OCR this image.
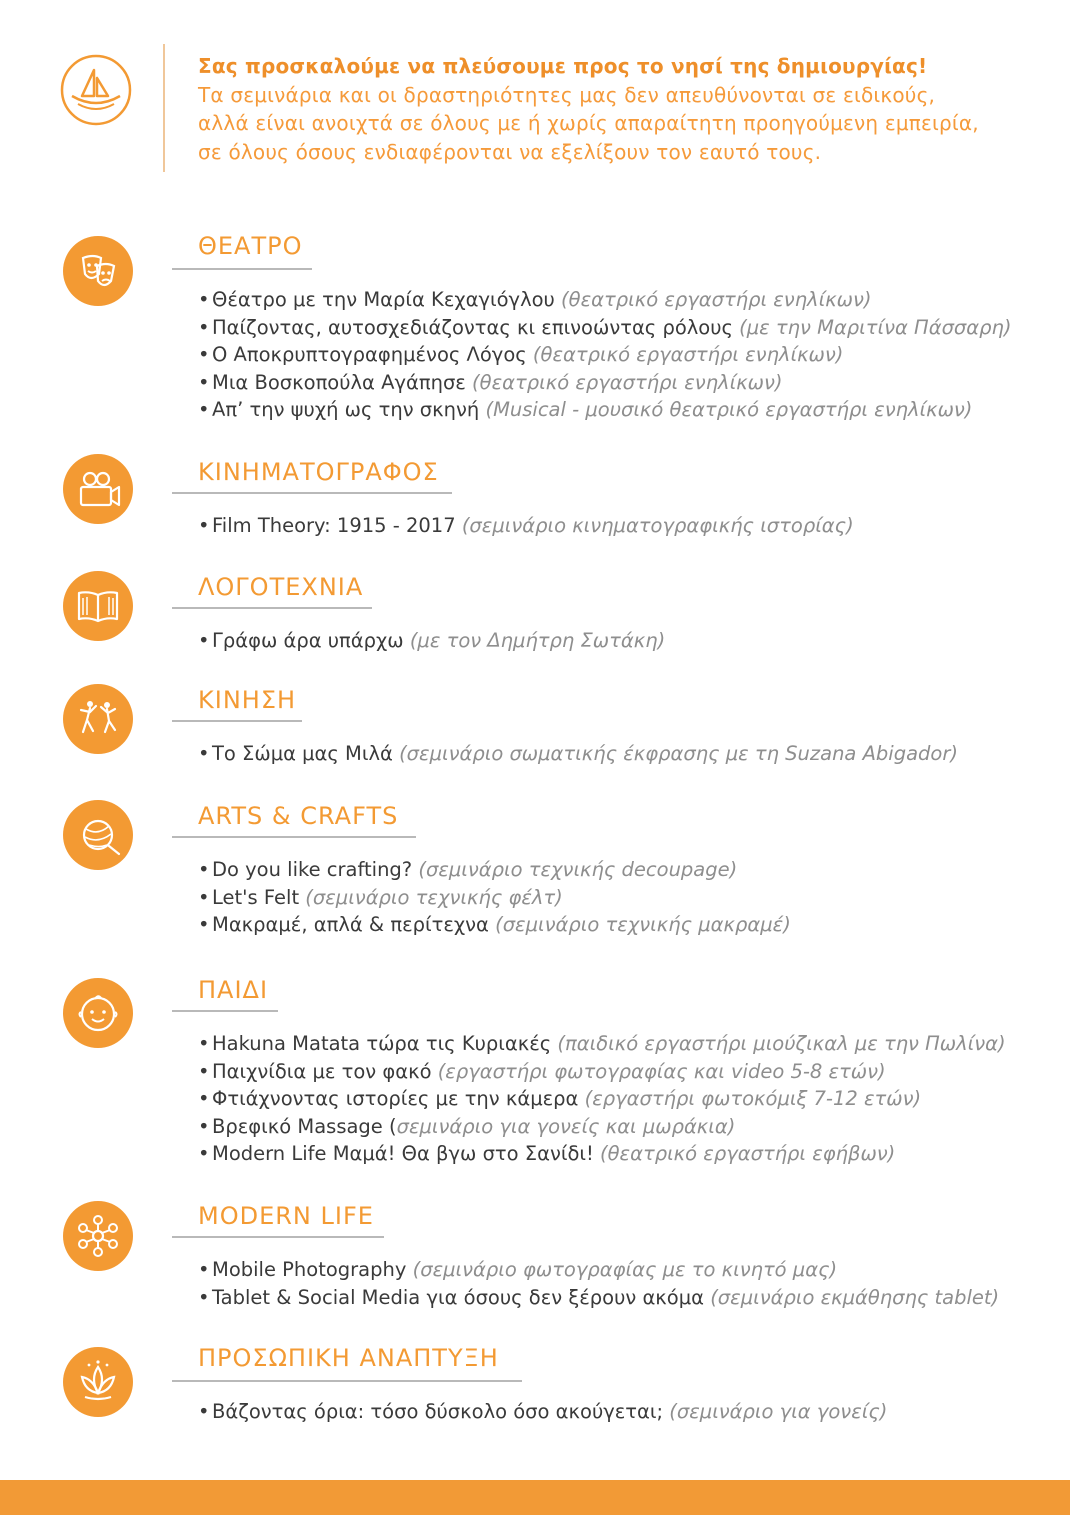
Σας προσκαλούμε να πλεύσουμε προς το νησί της δημιουργίας!
Τα σεμινάρια και οι δραστηριότητες μας δεν απευθύνονται σε ειδικούς,
αλλά είναι ανοιχτά σε όλους με ή χωρίς απαραίτητη προηγούμενη εμπειρία,
σε όλους όσους ενδιαφέρονται να εξελίξουν τον εαυτό τους.
ΘΕΑΤΡΟ
• Θέατρο με την Μαρία Κεχαγιόγλου (θεατρικό εργαστήρι ενηλίκων)
• Παίζοντας, αυτοσχεδιάζοντας κι επινοώντας ρόλους (με την Μαριτίνα Πάσσαρη)
• Ο Αποκρυπτογραφημένος Λόγος (θεατρικό εργαστήρι ενηλίκων)
• Μια Βοσκοπούλα Αγάπησε (θεατρικό εργαστήρι ενηλίκων)
• Απ’ την ψυχή ως την σκηνή (Musical - μουσικό θεατρικό εργαστήρι ενηλίκων)
ΚΙΝΗΜΑΤΟΓΡΑΦΟΣ
• Film Theory: 1915 - 2017 (σεμινάριο κινηματογραφικής ιστορίας)
ΛΟΓΟΤΕΧΝΙΑ
• Γράφω άρα υπάρχω (με τον Δημήτρη Σωτάκη)
ΚΙΝΗΣΗ
• Το Σώμα μας Μιλά (σεμινάριο σωματικής έκφρασης με τη Suzana Abigador)
ARTS & CRAFTS
• Do you like crafting? (σεμινάριο τεχνικής decoupage)
• Let's Felt (σεμινάριο τεχνικής φέλτ)
• Μακραμέ, απλά & περίτεχνα (σεμινάριο τεχνικής μακραμέ)
ΠΑΙΔΙ
• Hakuna Matata τώρα τις Κυριακές (παιδικό εργαστήρι μιούζικαλ με την Πωλίνα)
• Παιχνίδια με τον φακό (εργαστήρι φωτογραφίας και video 5-8 ετών)
• Φτιάχνοντας ιστορίες με την κάμερα (εργαστήρι φωτοκόμιξ 7-12 ετών)
• Βρεφικό Massage (σεμινάριο για γονείς και μωράκια)
• Modern Life Μαμά! Θα βγω στο Σανίδι! (θεατρικό εργαστήρι εφήβων)
MODERN LIFE
• Mobile Photography (σεμινάριο φωτογραφίας με το κινητό μας)
• Tablet & Social Media για όσους δεν ξέρουν ακόμα (σεμινάριο εκμάθησης tablet)
ΠΡΟΣΩΠΙΚΗ ΑΝΑΠΤΥΞΗ
• Βάζοντας όρια: τόσο δύσκολο όσο ακούγεται; (σεμινάριο για γονείς)
